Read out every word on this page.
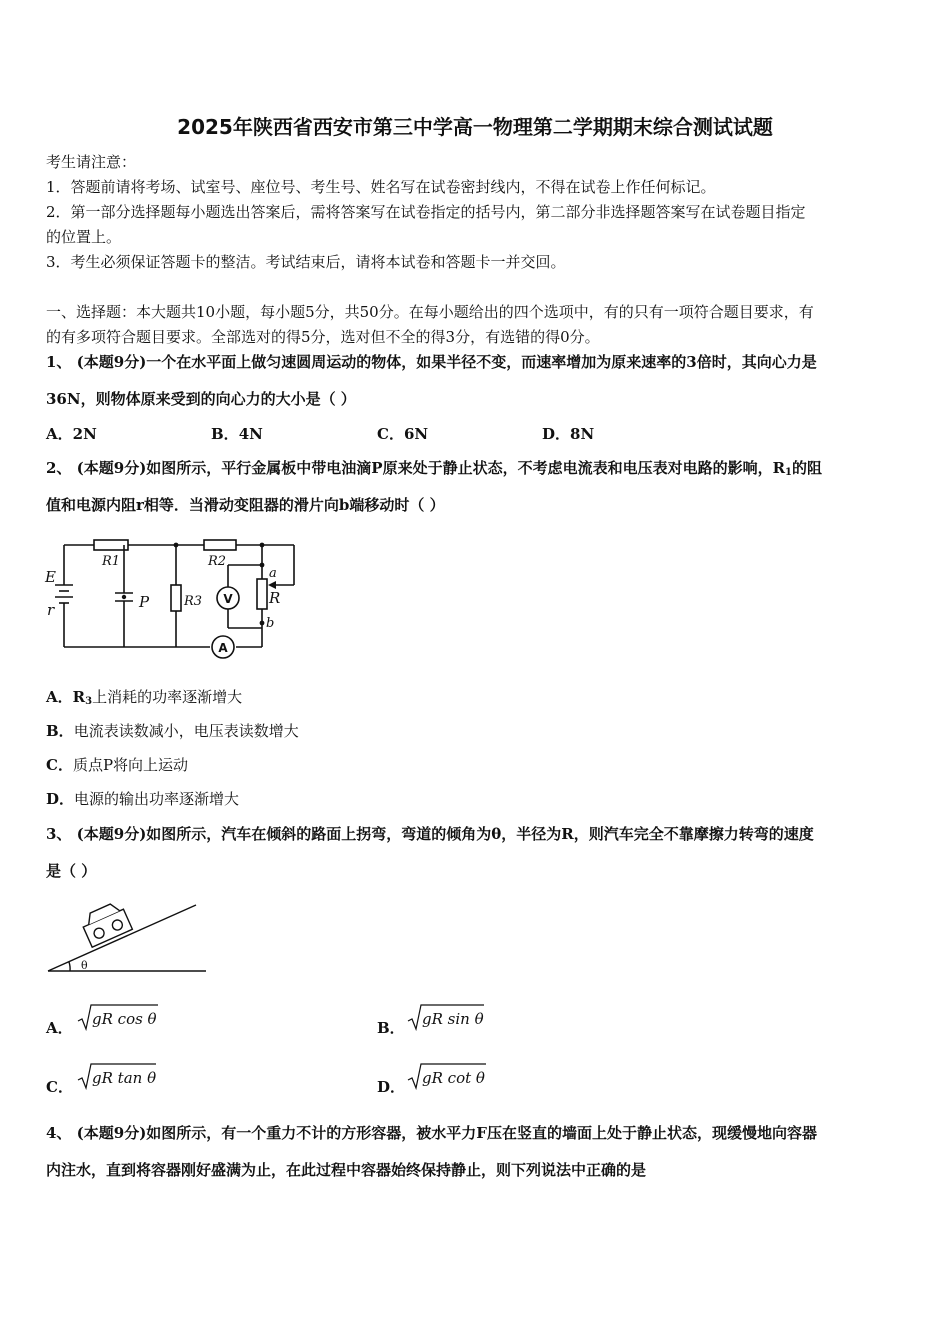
2025年陕西省西安市第三中学高一物理第二学期期末综合测试试题
考生请注意：
1．答题前请将考场、试室号、座位号、考生号、姓名写在试卷密封线内，不得在试卷上作任何标记。
2．第一部分选择题每小题选出答案后，需将答案写在试卷指定的括号内，第二部分非选择题答案写在试卷题目指定
的位置上。
3．考生必须保证答题卡的整洁。考试结束后，请将本试卷和答题卡一并交回。
一、选择题：本大题共10小题，每小题5分，共50分。在每小题给出的四个选项中，有的只有一项符合题目要求，有
的有多项符合题目要求。全部选对的得5分，选对但不全的得3分，有选错的得0分。
1、 (本题9分)一个在水平面上做匀速圆周运动的物体，如果半径不变，而速率增加为原来速率的3倍时，其向心力是
36N，则物体原来受到的向心力的大小是（ ）
A．2N	B．4N	C．6N	D．8N
2、 (本题9分)如图所示，平行金属板中带电油滴P原来处于静止状态，不考虑电流表和电压表对电路的影响，$R_1$的阻
值和电源内阻r相等．当滑动变阻器的滑片向b端移动时（ ）
E
r	P
a
R
b
R1	R2
R3 V
A
A．$R_3$上消耗的功率逐渐增大
B．电流表读数减小，电压表读数增大
C．质点P将向上运动
D．电源的输出功率逐渐增大
3、 (本题9分)如图所示，汽车在倾斜的路面上拐弯，弯道的倾角为θ，半径为R，则汽车完全不靠摩擦力转弯的速度
是（ ）
θ
A． gR cos θ	B． gR sin θ
C． gR tan θ	D． gR cot θ
4、 (本题9分)如图所示，有一个重力不计的方形容器，被水平力F压在竖直的墙面上处于静止状态，现缓慢地向容器
内注水，直到将容器刚好盛满为止，在此过程中容器始终保持静止，则下列说法中正确的是
